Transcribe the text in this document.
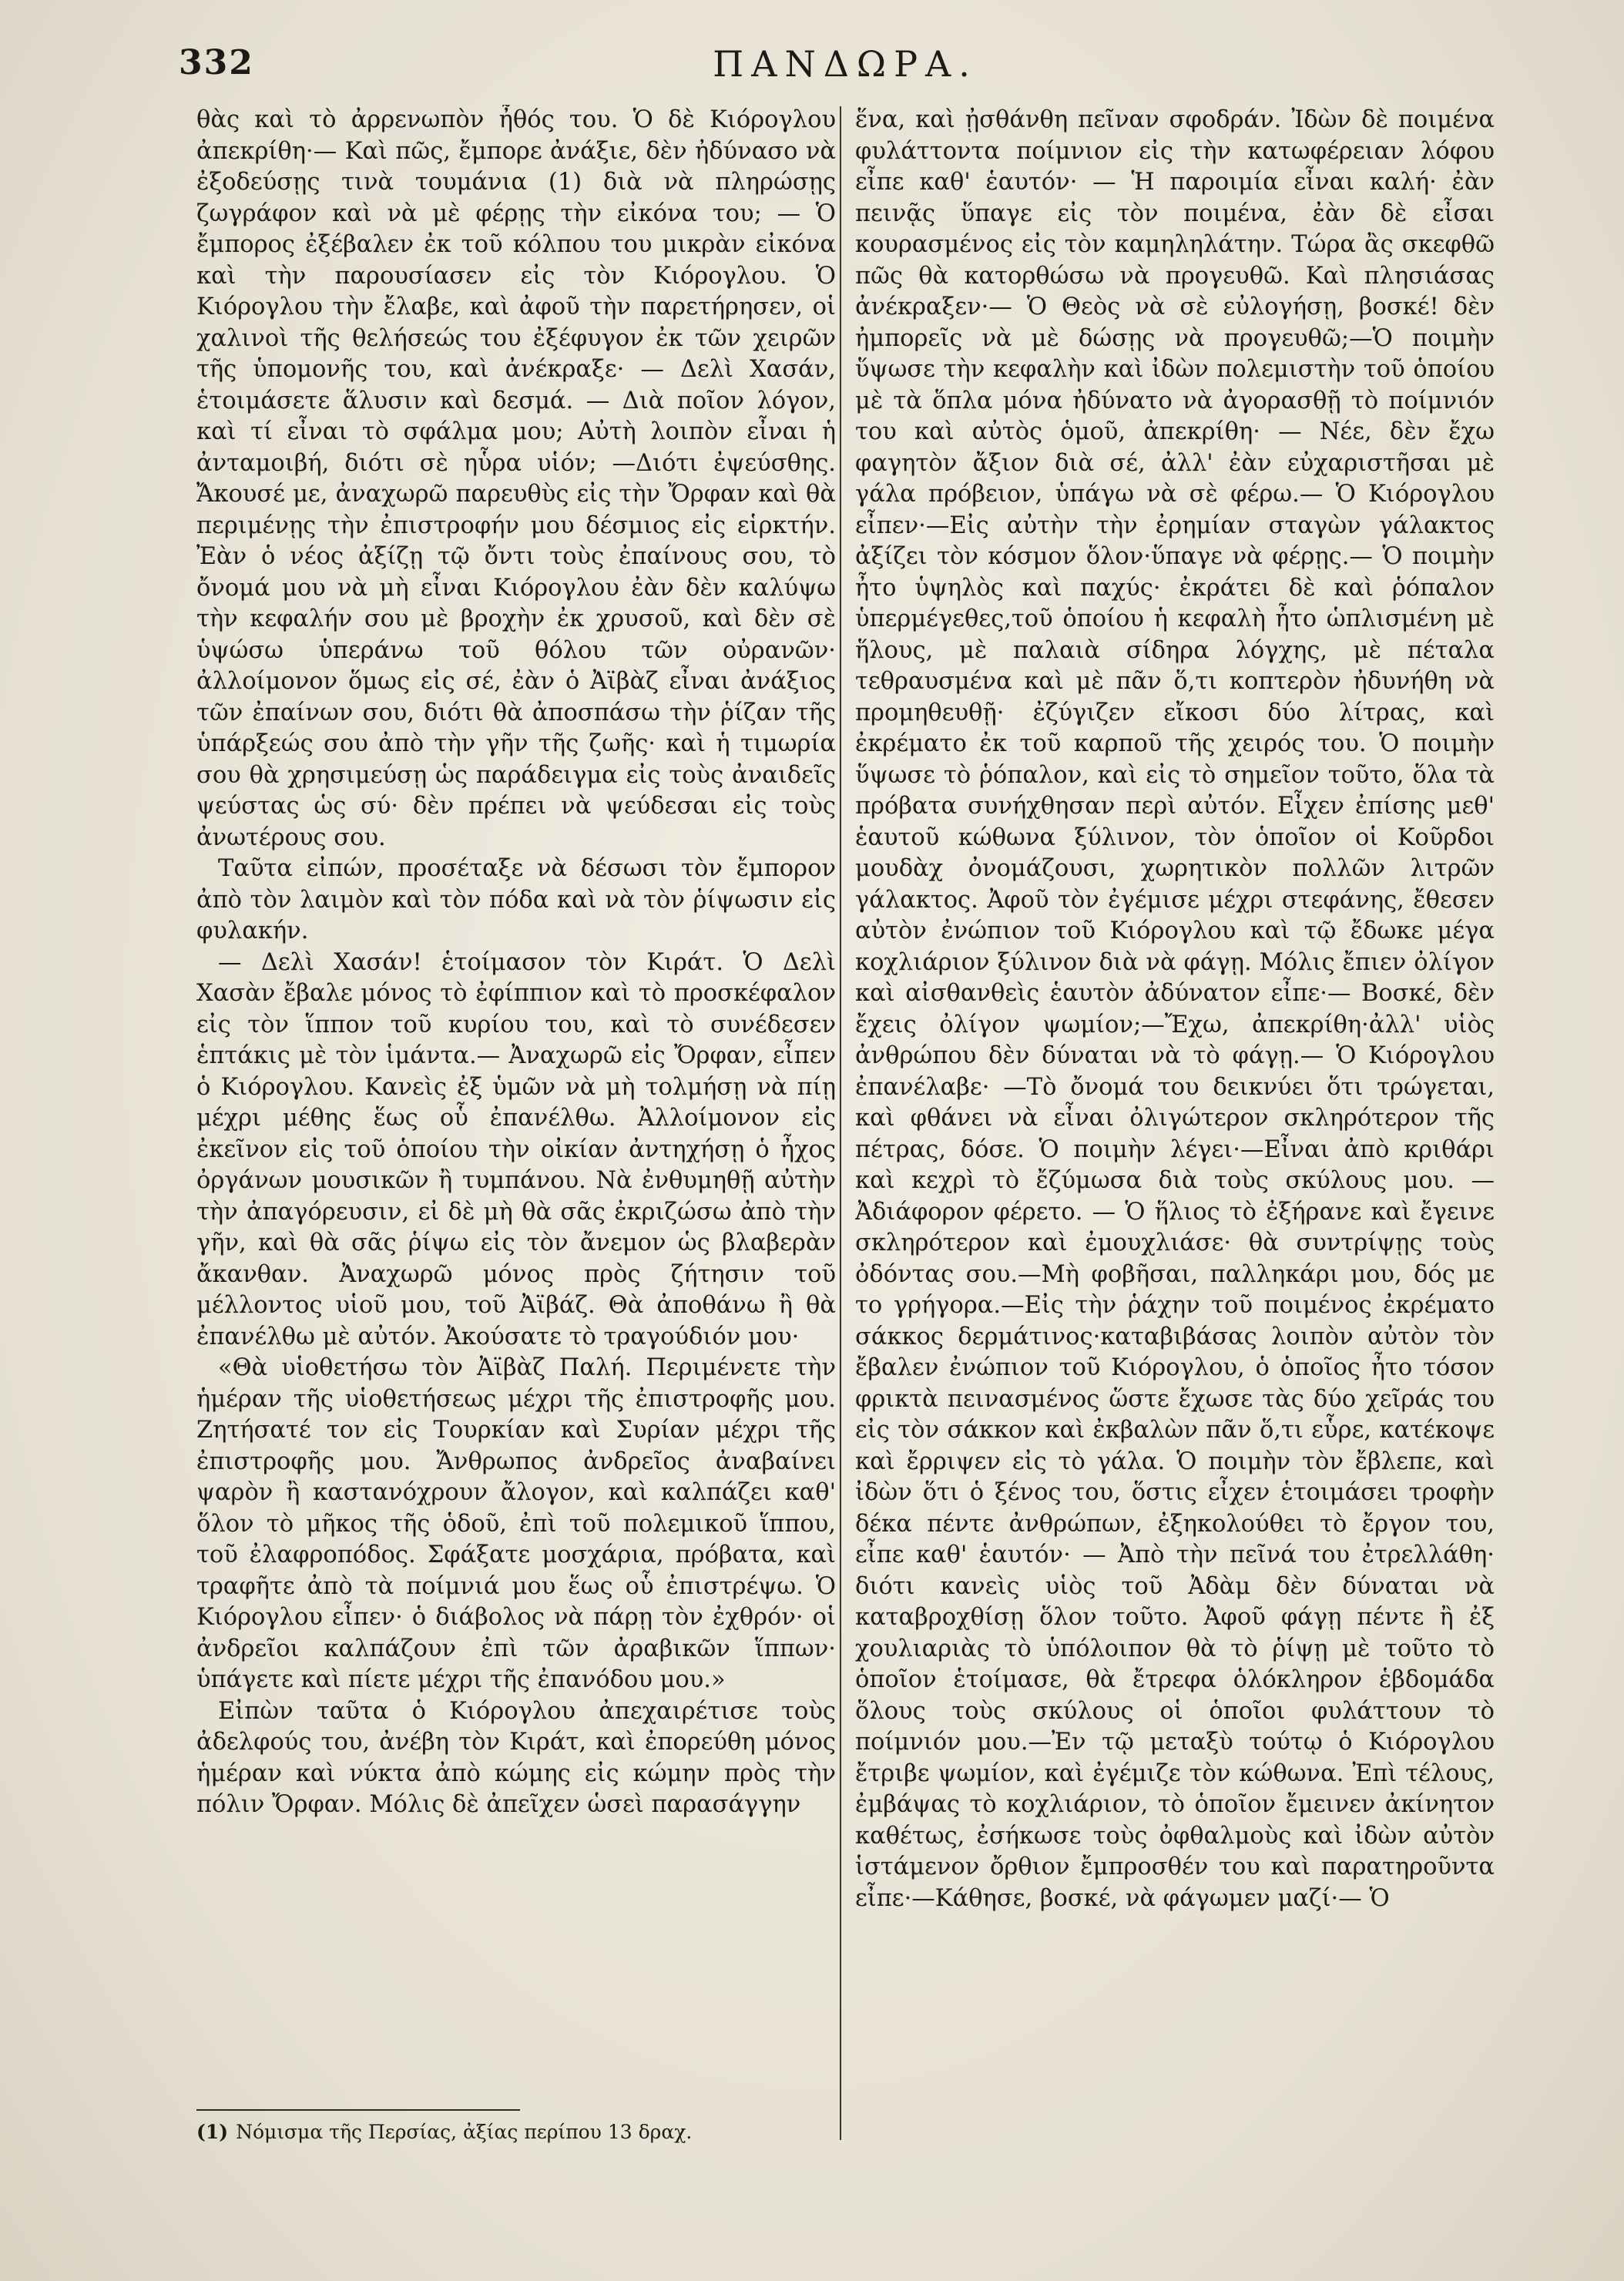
332	ΠΑΝΔΩΡΑ.

θὰς καὶ τὸ ἀρρενωπὸν ἦθός του. Ὁ δὲ Κιόρογλου ἀπεκρίθη·— Καὶ πῶς, ἔμπορε ἀνάξιε, δὲν ἠδύνασο νὰ ἐξοδεύσῃς τινὰ τουμάνια (1) διὰ νὰ πληρώσῃς ζωγράφον καὶ νὰ μὲ φέρῃς τὴν εἰκόνα του; — Ὁ ἔμπορος ἐξέβαλεν ἐκ τοῦ κόλπου του μικρὰν εἰκόνα καὶ τὴν παρουσίασεν εἰς τὸν Κιόρογλου. Ὁ Κιόρογλου τὴν ἔλαβε, καὶ ἀφοῦ τὴν παρετήρησεν, οἱ χαλινοὶ τῆς θελήσεώς του ἐξέφυγον ἐκ τῶν χειρῶν τῆς ὑπομονῆς του, καὶ ἀνέκραξε· — Δελὶ Χασάν, ἑτοιμάσετε ἅλυσιν καὶ δεσμά. — Διὰ ποῖον λόγον, καὶ τί εἶναι τὸ σφάλμα μου; Αὐτὴ λοιπὸν εἶναι ἡ ἀνταμοιβή, διότι σὲ ηὗρα υἱόν; —Διότι ἐψεύσθης. Ἄκουσέ με, ἀναχωρῶ παρευθὺς εἰς τὴν Ὄρφαν καὶ θὰ περιμένῃς τὴν ἐπιστροφήν μου δέσμιος εἰς εἱρκτήν. Ἐὰν ὁ νέος ἀξίζῃ τῷ ὄντι τοὺς ἐπαίνους σου, τὸ ὄνομά μου νὰ μὴ εἶναι Κιόρογλου ἐὰν δὲν καλύψω τὴν κεφαλήν σου μὲ βροχὴν ἐκ χρυσοῦ, καὶ δὲν σὲ ὑψώσω ὑπεράνω τοῦ θόλου τῶν οὐρανῶν· ἀλλοίμονον ὅμως εἰς σέ, ἐὰν ὁ Ἀϊβὰζ εἶναι ἀνάξιος τῶν ἐπαίνων σου, διότι θὰ ἀποσπάσω τὴν ῥίζαν τῆς ὑπάρξεώς σου ἀπὸ τὴν γῆν τῆς ζωῆς· καὶ ἡ τιμωρία σου θὰ χρησιμεύσῃ ὡς παράδειγμα εἰς τοὺς ἀναιδεῖς ψεύστας ὡς σύ· δὲν πρέπει νὰ ψεύδεσαι εἰς τοὺς ἀνωτέρους σου.

Ταῦτα εἰπών, προσέταξε νὰ δέσωσι τὸν ἔμπορον ἀπὸ τὸν λαιμὸν καὶ τὸν πόδα καὶ νὰ τὸν ῥίψωσιν εἰς φυλακήν.

— Δελὶ Χασάν! ἑτοίμασον τὸν Κιράτ. Ὁ Δελὶ Χασὰν ἔβαλε μόνος τὸ ἐφίππιον καὶ τὸ προσκέφαλον εἰς τὸν ἵππον τοῦ κυρίου του, καὶ τὸ συνέδεσεν ἑπτάκις μὲ τὸν ἱμάντα.— Ἀναχωρῶ εἰς Ὄρφαν, εἶπεν ὁ Κιόρογλου. Κανεὶς ἐξ ὑμῶν νὰ μὴ τολμήσῃ νὰ πίῃ μέχρι μέθης ἕως οὗ ἐπανέλθω. Ἀλλοίμονον εἰς ἐκεῖνον εἰς τοῦ ὁποίου τὴν οἰκίαν ἀντηχήσῃ ὁ ἦχος ὀργάνων μουσικῶν ἢ τυμπάνου. Νὰ ἐνθυμηθῇ αὐτὴν τὴν ἀπαγόρευσιν, εἰ δὲ μὴ θὰ σᾶς ἐκριζώσω ἀπὸ τὴν γῆν, καὶ θὰ σᾶς ῥίψω εἰς τὸν ἄνεμον ὡς βλαβερὰν ἄκανθαν. Ἀναχωρῶ μόνος πρὸς ζήτησιν τοῦ μέλλοντος υἱοῦ μου, τοῦ Ἀϊβάζ. Θὰ ἀποθάνω ἢ θὰ ἐπανέλθω μὲ αὐτόν. Ἀκούσατε τὸ τραγούδιόν μου·

«Θὰ υἱοθετήσω τὸν Ἀϊβὰζ Παλή. Περιμένετε τὴν ἡμέραν τῆς υἱοθετήσεως μέχρι τῆς ἐπιστροφῆς μου. Ζητήσατέ τον εἰς Τουρκίαν καὶ Συρίαν μέχρι τῆς ἐπιστροφῆς μου. Ἄνθρωπος ἀνδρεῖος ἀναβαίνει ψαρὸν ἢ καστανόχρουν ἄλογον, καὶ καλπάζει καθ' ὅλον τὸ μῆκος τῆς ὁδοῦ, ἐπὶ τοῦ πολεμικοῦ ἵππου, τοῦ ἐλαφροπόδος. Σφάξατε μοσχάρια, πρόβατα, καὶ τραφῆτε ἀπὸ τὰ ποίμνιά μου ἕως οὗ ἐπιστρέψω. Ὁ Κιόρογλου εἶπεν· ὁ διάβολος νὰ πάρῃ τὸν ἐχθρόν· οἱ ἀνδρεῖοι καλπάζουν ἐπὶ τῶν ἀραβικῶν ἵππων· ὑπάγετε καὶ πίετε μέχρι τῆς ἐπανόδου μου.»

Εἰπὼν ταῦτα ὁ Κιόρογλου ἀπεχαιρέτισε τοὺς ἀδελφούς του, ἀνέβη τὸν Κιράτ, καὶ ἐπορεύθη μόνος ἡμέραν καὶ νύκτα ἀπὸ κώμης εἰς κώμην πρὸς τὴν πόλιν Ὄρφαν. Μόλις δὲ ἀπεῖχεν ὡσεὶ παρασάγγην

ἕνα, καὶ ᾐσθάνθη πεῖναν σφοδράν. Ἰδὼν δὲ ποιμένα φυλάττοντα ποίμνιον εἰς τὴν κατωφέρειαν λόφου εἶπε καθ' ἑαυτόν· — Ἡ παροιμία εἶναι καλή· ἐὰν πεινᾷς ὕπαγε εἰς τὸν ποιμένα, ἐὰν δὲ εἶσαι κουρασμένος εἰς τὸν καμηληλάτην. Τώρα ἂς σκεφθῶ πῶς θὰ κατορθώσω νὰ προγευθῶ. Καὶ πλησιάσας ἀνέκραξεν·— Ὁ Θεὸς νὰ σὲ εὐλογήσῃ, βοσκέ! δὲν ἠμπορεῖς νὰ μὲ δώσῃς νὰ προγευθῶ;—Ὁ ποιμὴν ὕψωσε τὴν κεφαλὴν καὶ ἰδὼν πολεμιστὴν τοῦ ὁποίου μὲ τὰ ὅπλα μόνα ἠδύνατο νὰ ἀγορασθῇ τὸ ποίμνιόν του καὶ αὐτὸς ὁμοῦ, ἀπεκρίθη· — Νέε, δὲν ἔχω φαγητὸν ἄξιον διὰ σέ, ἀλλ' ἐὰν εὐχαριστῆσαι μὲ γάλα πρόβειον, ὑπάγω νὰ σὲ φέρω.— Ὁ Κιόρογλου εἶπεν·—Εἰς αὐτὴν τὴν ἐρημίαν σταγὼν γάλακτος ἀξίζει τὸν κόσμον ὅλον·ὕπαγε νὰ φέρῃς.— Ὁ ποιμὴν ἦτο ὑψηλὸς καὶ παχύς· ἐκράτει δὲ καὶ ῥόπαλον ὑπερμέγεθες,τοῦ ὁποίου ἡ κεφαλὴ ἦτο ὡπλισμένη μὲ ἥλους, μὲ παλαιὰ σίδηρα λόγχης, μὲ πέταλα τεθραυσμένα καὶ μὲ πᾶν ὅ,τι κοπτερὸν ἠδυνήθη νὰ προμηθευθῇ· ἐζύγιζεν εἴκοσι δύο λίτρας, καὶ ἐκρέματο ἐκ τοῦ καρποῦ τῆς χειρός του. Ὁ ποιμὴν ὕψωσε τὸ ῥόπαλον, καὶ εἰς τὸ σημεῖον τοῦτο, ὅλα τὰ πρόβατα συνήχθησαν περὶ αὐτόν. Εἶχεν ἐπίσης μεθ' ἑαυτοῦ κώθωνα ξύλινον, τὸν ὁποῖον οἱ Κοῦρδοι μουδὰχ ὀνομάζουσι, χωρητικὸν πολλῶν λιτρῶν γάλακτος. Ἀφοῦ τὸν ἐγέμισε μέχρι στεφάνης, ἔθεσεν αὐτὸν ἐνώπιον τοῦ Κιόρογλου καὶ τῷ ἔδωκε μέγα κοχλιάριον ξύλινον διὰ νὰ φάγῃ. Μόλις ἔπιεν ὀλίγον καὶ αἰσθανθεὶς ἑαυτὸν ἀδύνατον εἶπε·— Βοσκέ, δὲν ἔχεις ὀλίγον ψωμίον;—Ἔχω, ἀπεκρίθη·ἀλλ' υἱὸς ἀνθρώπου δὲν δύναται νὰ τὸ φάγῃ.— Ὁ Κιόρογλου ἐπανέλαβε· —Τὸ ὄνομά του δεικνύει ὅτι τρώγεται, καὶ φθάνει νὰ εἶναι ὀλιγώτερον σκληρότερον τῆς πέτρας, δόσε. Ὁ ποιμὴν λέγει·—Εἶναι ἀπὸ κριθάρι καὶ κεχρὶ τὸ ἔζύμωσα διὰ τοὺς σκύλους μου. — Ἀδιάφορον φέρετο. — Ὁ ἥλιος τὸ ἐξήρανε καὶ ἔγεινε σκληρότερον καὶ ἐμουχλιάσε· θὰ συντρίψῃς τοὺς ὀδόντας σου.—Μὴ φοβῆσαι, παλληκάρι μου, δός με το γρήγορα.—Εἰς τὴν ῥάχην τοῦ ποιμένος ἐκρέματο σάκκος δερμάτινος·καταβιβάσας λοιπὸν αὐτὸν τὸν ἔβαλεν ἐνώπιον τοῦ Κιόρογλου, ὁ ὁποῖος ἦτο τόσον φρικτὰ πεινασμένος ὥστε ἔχωσε τὰς δύο χεῖράς του εἰς τὸν σάκκον καὶ ἐκβαλὼν πᾶν ὅ,τι εὗρε, κατέκοψε καὶ ἔρριψεν εἰς τὸ γάλα. Ὁ ποιμὴν τὸν ἔβλεπε, καὶ ἰδὼν ὅτι ὁ ξένος του, ὅστις εἶχεν ἑτοιμάσει τροφὴν δέκα πέντε ἀνθρώπων, ἐξηκολούθει τὸ ἔργον του, εἶπε καθ' ἑαυτόν· — Ἀπὸ τὴν πεῖνά του ἐτρελλάθη· διότι κανεὶς υἱὸς τοῦ Ἀδὰμ δὲν δύναται νὰ καταβροχθίσῃ ὅλον τοῦτο. Ἀφοῦ φάγῃ πέντε ἢ ἐξ χουλιαριὰς τὸ ὑπόλοιπον θὰ τὸ ῥίψῃ μὲ τοῦτο τὸ ὁποῖον ἑτοίμασε, θὰ ἔτρεφα ὁλόκληρον ἑβδομάδα ὅλους τοὺς σκύλους οἱ ὁποῖοι φυλάττουν τὸ ποίμνιόν μου.—Ἐν τῷ μεταξὺ τούτῳ ὁ Κιόρογλου ἔτριβε ψωμίον, καὶ ἐγέμιζε τὸν κώθωνα. Ἐπὶ τέλους, ἐμβάψας τὸ κοχλιάριον, τὸ ὁποῖον ἔμεινεν ἀκίνητον καθέτως, ἐσήκωσε τοὺς ὀφθαλμοὺς καὶ ἰδὼν αὐτὸν ἱστάμενον ὄρθιον ἔμπροσθέν του καὶ παρατηροῦντα εἶπε·—Κάθησε, βοσκέ, νὰ φάγωμεν μαζί·— Ὁ

(1) Νόμισμα τῆς Περσίας, ἀξίας περίπου 13 δραχ.
